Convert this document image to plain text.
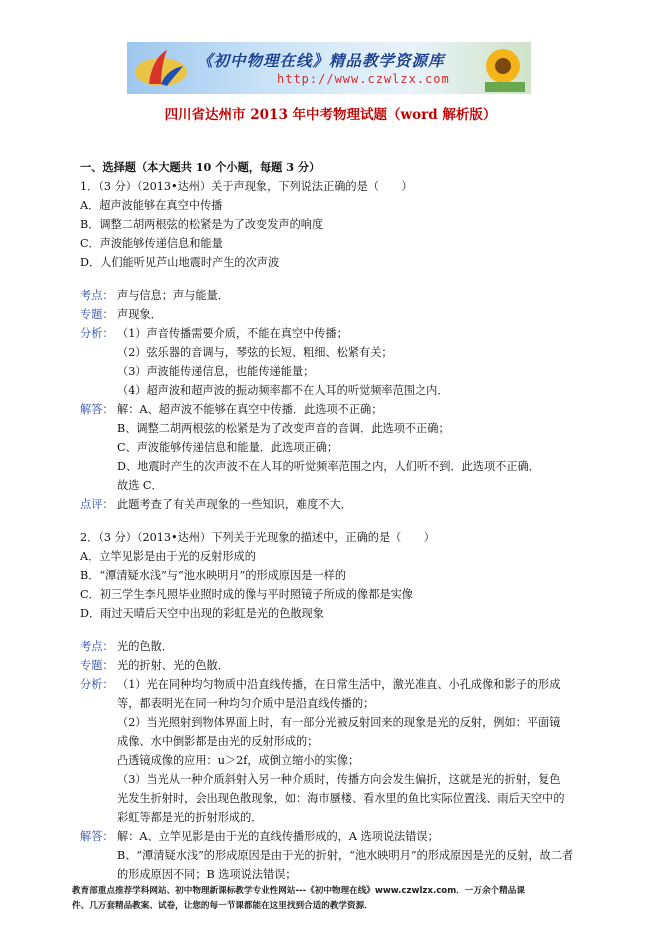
《初中物理在线》精品教学资源库
http://www.czwlzx.com
四川省达州市 2013 年中考物理试题（word 解析版）
一、选择题（本大题共 10 个小题，每题 3 分）
1．（3 分）（2013•达州）关于声现象，下列说法正确的是（　　）
A．超声波能够在真空中传播
B．调整二胡两根弦的松紧是为了改变发声的响度
C．声波能够传递信息和能量
D．人们能听见芦山地震时产生的次声波
考点： 声与信息；声与能量．
专题： 声现象．
分析： （1）声音传播需要介质，不能在真空中传播；
（2）弦乐器的音调与，琴弦的长短、粗细、松紧有关；
（3）声波能传递信息，也能传递能量；
（4）超声波和超声波的振动频率都不在人耳的听觉频率范围之内．
解答： 解：A、超声波不能够在真空中传播．此选项不正确；
B、调整二胡两根弦的松紧是为了改变声音的音调．此选项不正确；
C、声波能够传递信息和能量．此选项正确；
D、地震时产生的次声波不在人耳的听觉频率范围之内，人们听不到．此选项不正确．
故选 C．
点评： 此题考查了有关声现象的一些知识，难度不大．
2．（3 分）（2013•达州）下列关于光现象的描述中，正确的是（　　）
A．立竿见影是由于光的反射形成的
B．“潭清疑水浅”与“池水映明月”的形成原因是一样的
C．初三学生李凡照毕业照时成的像与平时照镜子所成的像都是实像
D．雨过天晴后天空中出现的彩虹是光的色散现象
考点： 光的色散．
专题： 光的折射、光的色散．
分析： （1）光在同种均匀物质中沿直线传播，在日常生活中，激光准直、小孔成像和影子的形成
等，都表明光在同一种均匀介质中是沿直线传播的；
（2）当光照射到物体界面上时，有一部分光被反射回来的现象是光的反射，例如：平面镜
成像、水中倒影都是由光的反射形成的；
凸透镜成像的应用：u＞2f，成倒立缩小的实像；
（3）当光从一种介质斜射入另一种介质时，传播方向会发生偏折，这就是光的折射，复色
光发生折射时，会出现色散现象，如：海市蜃楼、看水里的鱼比实际位置浅、雨后天空中的
彩虹等都是光的折射形成的．
解答： 解：A、立竿见影是由于光的直线传播形成的，A 选项说法错误；
B、“潭清疑水浅”的形成原因是由于光的折射，“池水映明月”的形成原因是光的反射，故二者
的形成原因不同；B 选项说法错误；
教育部重点推荐学科网站、初中物理新课标教学专业性网站---《初中物理在线》www.czwlzx.com．一万余个精品课
件、几万套精品教案、试卷，让您的每一节课都能在这里找到合适的教学资源．
